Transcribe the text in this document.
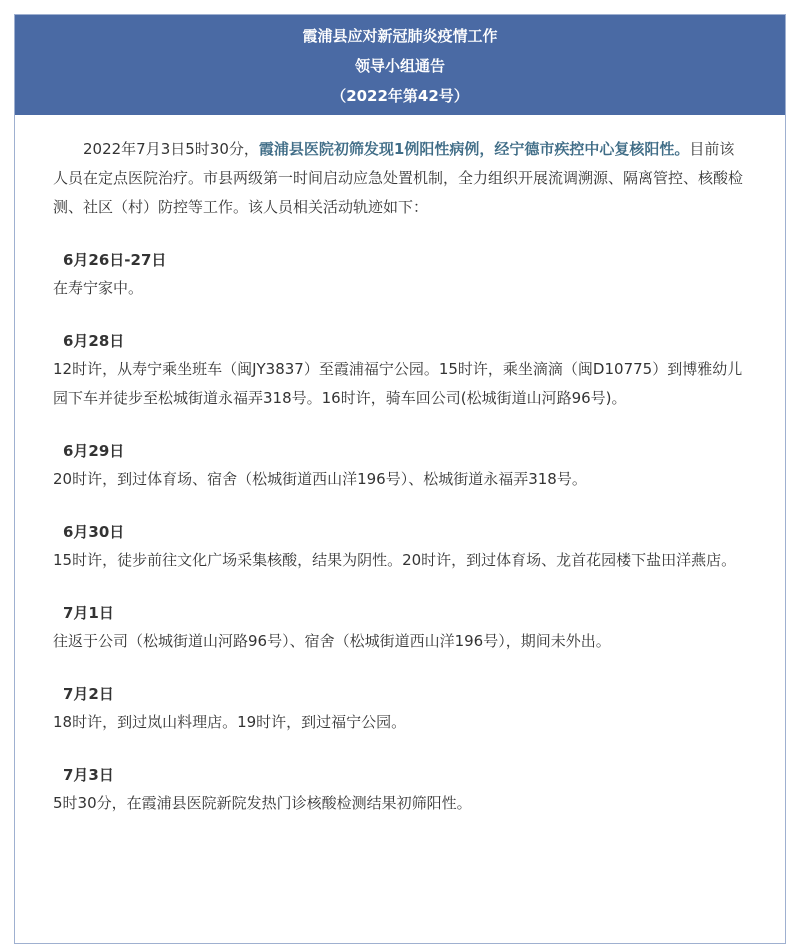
霞浦县应对新冠肺炎疫情工作
领导小组通告
（2022年第42号）

2022年7月3日5时30分，霞浦县医院初筛发现1例阳性病例，经宁德市疾控中心复核阳性。目前该人员在定点医院治疗。市县两级第一时间启动应急处置机制，全力组织开展流调溯源、隔离管控、核酸检测、社区（村）防控等工作。该人员相关活动轨迹如下：

6月26日-27日

在寿宁家中。

6月28日

12时许，从寿宁乘坐班车（闽JY3837）至霞浦福宁公园。15时许，乘坐滴滴（闽D10775）到博雅幼儿园下车并徒步至松城街道永福弄318号。16时许，骑车回公司(松城街道山河路96号)。

6月29日

20时许，到过体育场、宿舍（松城街道西山洋196号）、松城街道永福弄318号。

6月30日

15时许，徒步前往文化广场采集核酸，结果为阴性。20时许，到过体育场、龙首花园楼下盐田洋燕店。

7月1日

往返于公司（松城街道山河路96号）、宿舍（松城街道西山洋196号），期间未外出。

7月2日

18时许，到过岚山料理店。19时许，到过福宁公园。

7月3日

5时30分，在霞浦县医院新院发热门诊核酸检测结果初筛阳性。
